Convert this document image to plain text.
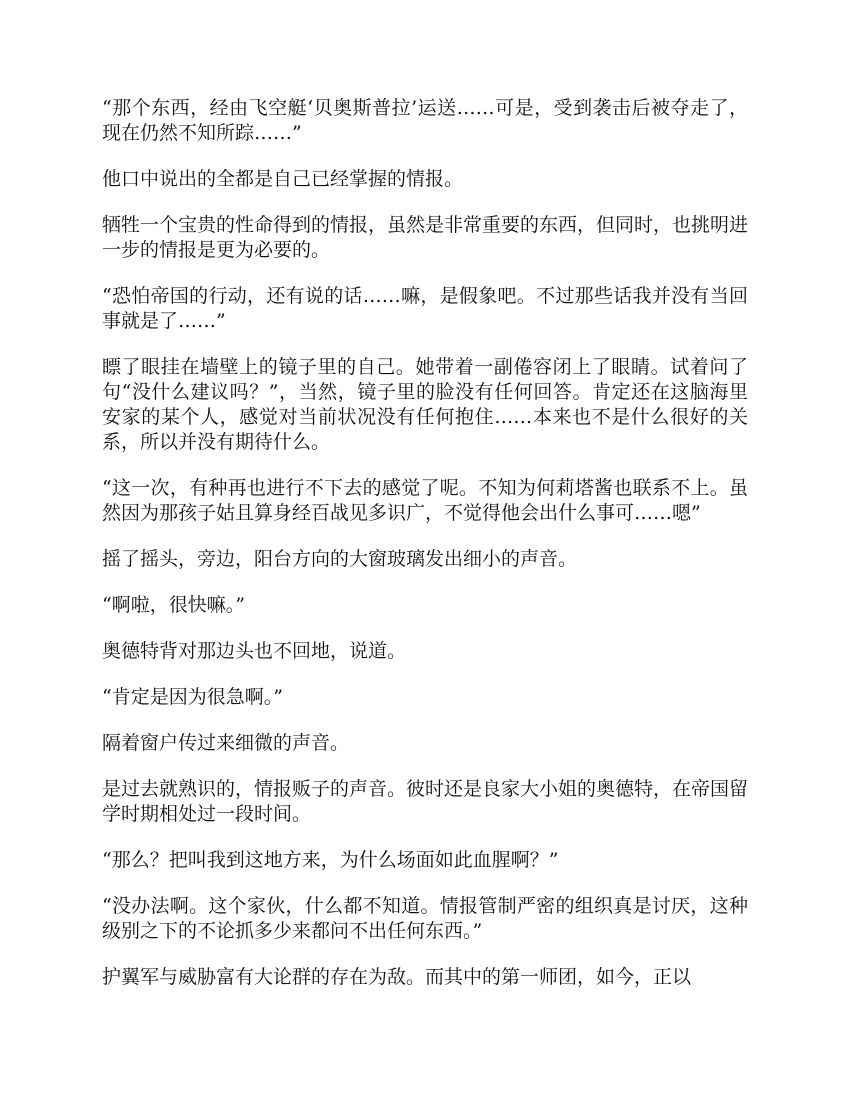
“那个东西，经由飞空艇‘贝奥斯普拉’运送……可是，受到袭击后被夺走了，现在仍然不知所踪……”

他口中说出的全都是自己已经掌握的情报。

牺牲一个宝贵的性命得到的情报，虽然是非常重要的东西，但同时，也挑明进一步的情报是更为必要的。

“恐怕帝国的行动，还有说的话……嘛，是假象吧。不过那些话我并没有当回事就是了……”

瞟了眼挂在墙壁上的镜子里的自己。她带着一副倦容闭上了眼睛。试着问了句“没什么建议吗？”，当然，镜子里的脸没有任何回答。肯定还在这脑海里安家的某个人，感觉对当前状况没有任何抱住……本来也不是什么很好的关系，所以并没有期待什么。

“这一次，有种再也进行不下去的感觉了呢。不知为何莉塔酱也联系不上。虽然因为那孩子姑且算身经百战见多识广，不觉得他会出什么事可……嗯”

摇了摇头，旁边，阳台方向的大窗玻璃发出细小的声音。

“啊啦，很快嘛。”

奥德特背对那边头也不回地，说道。

“肯定是因为很急啊。”

隔着窗户传过来细微的声音。

是过去就熟识的，情报贩子的声音。彼时还是良家大小姐的奥德特，在帝国留学时期相处过一段时间。

“那么？把叫我到这地方来，为什么场面如此血腥啊？”

“没办法啊。这个家伙，什么都不知道。情报管制严密的组织真是讨厌，这种级别之下的不论抓多少来都问不出任何东西。”

护翼军与威胁富有大论群的存在为敌。而其中的第一师团，如今，正以
